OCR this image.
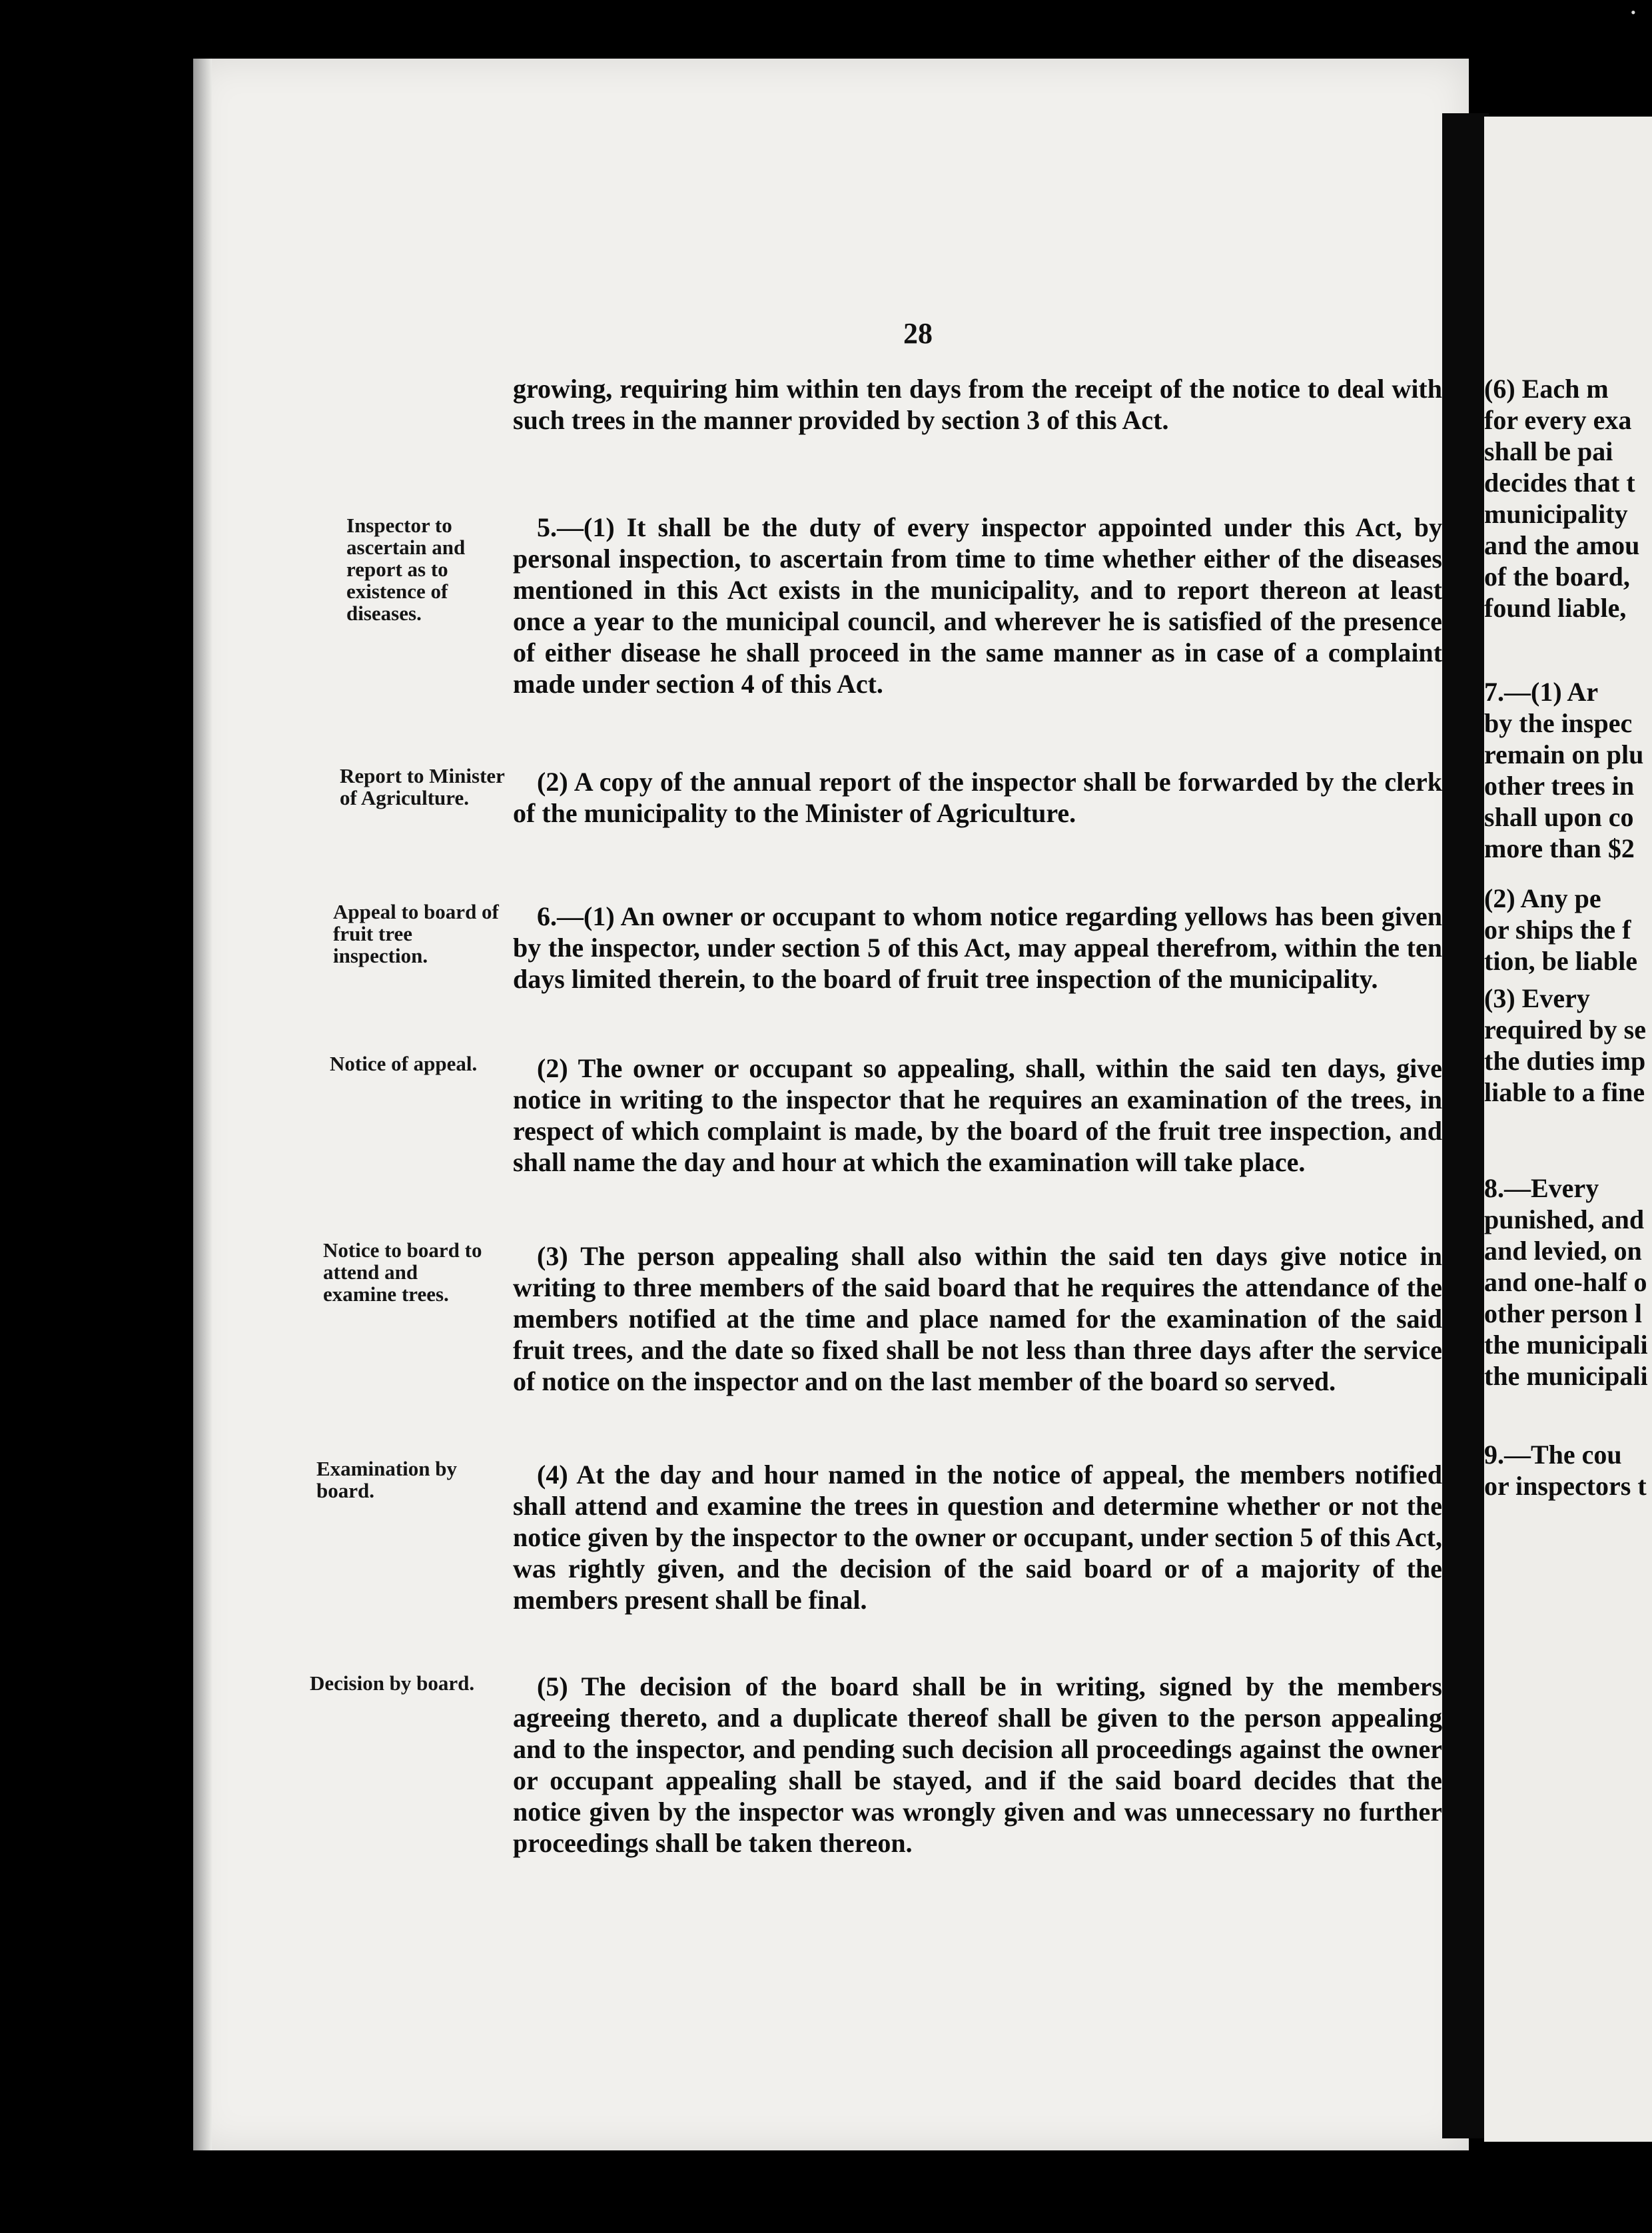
•
(6) Each m
for every exa
shall be pai
decides that t
municipality
and the amou
of the board,
found liable,
7.—(1) Ar
by the inspec
remain on plu
other trees in
shall upon co
more than $2
(2) Any pe
or ships the f
tion, be liable
(3) Every
required by se
the duties imp
liable to a fine
8.—Every
punished, and
and levied, on
and one-half o
other person l
the municipali
the municipali
9.—The cou
or inspectors t
28

growing, requiring him within ten days from the receipt of the notice to deal with such trees in the manner provided by section 3 of this Act.

Inspector to ascertain and report as to existence of diseases.

5.—(1) It shall be the duty of every inspector appointed under this Act, by personal inspection, to ascertain from time to time whether either of the diseases mentioned in this Act exists in the municipality, and to report thereon at least once a year to the municipal council, and wherever he is satisfied of the presence of either disease he shall proceed in the same manner as in case of a complaint made under section 4 of this Act.

Report to Minister of Agriculture.

(2) A copy of the annual report of the inspector shall be forwarded by the clerk of the municipality to the Minister of Agriculture.

Appeal to board of fruit tree inspection.

6.—(1) An owner or occupant to whom notice regarding yellows has been given by the inspector, under section 5 of this Act, may appeal therefrom, within the ten days limited therein, to the board of fruit tree inspection of the municipality.

Notice of appeal.	(2) The owner or occupant so appealing, shall, within the said ten days, give notice in writing to the inspector that he requires an examination of the trees, in respect of which complaint is made, by the board of the fruit tree inspection, and shall name the day and hour at which the examination will take place.

Notice to board to attend and examine trees.

(3) The person appealing shall also within the said ten days give notice in writing to three members of the said board that he requires the attendance of the members notified at the time and place named for the examination of the said fruit trees, and the date so fixed shall be not less than three days after the service of notice on the inspector and on the last member of the board so served.

Examination by board.

(4) At the day and hour named in the notice of appeal, the members notified shall attend and examine the trees in question and determine whether or not the notice given by the inspector to the owner or occupant, under section 5 of this Act, was rightly given, and the decision of the said board or of a majority of the members present shall be final.

Decision by board.	(5) The decision of the board shall be in writing, signed by the members agreeing thereto, and a duplicate thereof shall be given to the person appealing and to the inspector, and pending such decision all proceedings against the owner or occupant appealing shall be stayed, and if the said board decides that the notice given by the inspector was wrongly given and was unnecessary no further proceedings shall be taken thereon.
